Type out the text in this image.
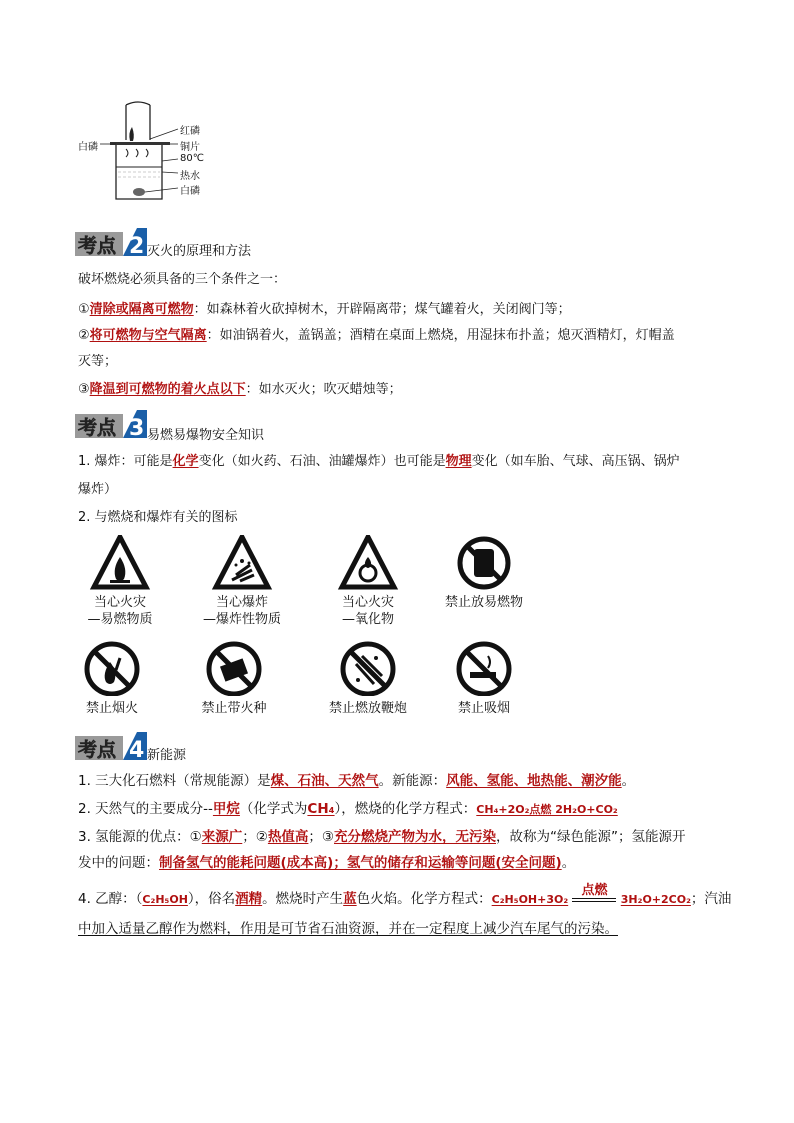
白磷
红磷
铜片
80℃
热水
白磷
考点 2 灭火的原理和方法
破坏燃烧必须具备的三个条件之一：
①清除或隔离可燃物：如森林着火砍掉树木，开辟隔离带；煤气罐着火，关闭阀门等；
②将可燃物与空气隔离：如油锅着火，盖锅盖；酒精在桌面上燃烧，用湿抹布扑盖；熄灭酒精灯，灯帽盖
灭等；
③降温到可燃物的着火点以下：如水灭火；吹灭蜡烛等；
考点 3 易燃易爆物安全知识
1. 爆炸：可能是化学变化（如火药、石油、油罐爆炸）也可能是物理变化（如车胎、气球、高压锅、锅炉
爆炸）
2. 与燃烧和爆炸有关的图标
当心火灾
—易燃物质
当心爆炸
—爆炸性物质
当心火灾
—氧化物
禁止放易燃物
禁止烟火	禁止带火种	禁止燃放鞭炮	禁止吸烟
考点 4 新能源
1. 三大化石燃料（常规能源）是煤、石油、天然气。新能源：风能、氢能、地热能、潮汐能。
2. 天然气的主要成分--甲烷（化学式为CH₄），燃烧的化学方程式：CH₄+2O₂点燃 2H₂O+CO₂
3. 氢能源的优点：①来源广；②热值高；③充分燃烧产物为水，无污染，故称为“绿色能源”；氢能源开
发中的问题：制备氢气的能耗问题(成本高)；氢气的储存和运输等问题(安全问题)。
4. 乙醇：（C₂H₅OH），俗名酒精。燃烧时产生蓝色火焰。化学方程式：C₂H₅OH+3O₂
点燃
3H₂O+2CO₂；汽油
中加入适量乙醇作为燃料，作用是可节省石油资源，并在一定程度上减少汽车尾气的污染。
